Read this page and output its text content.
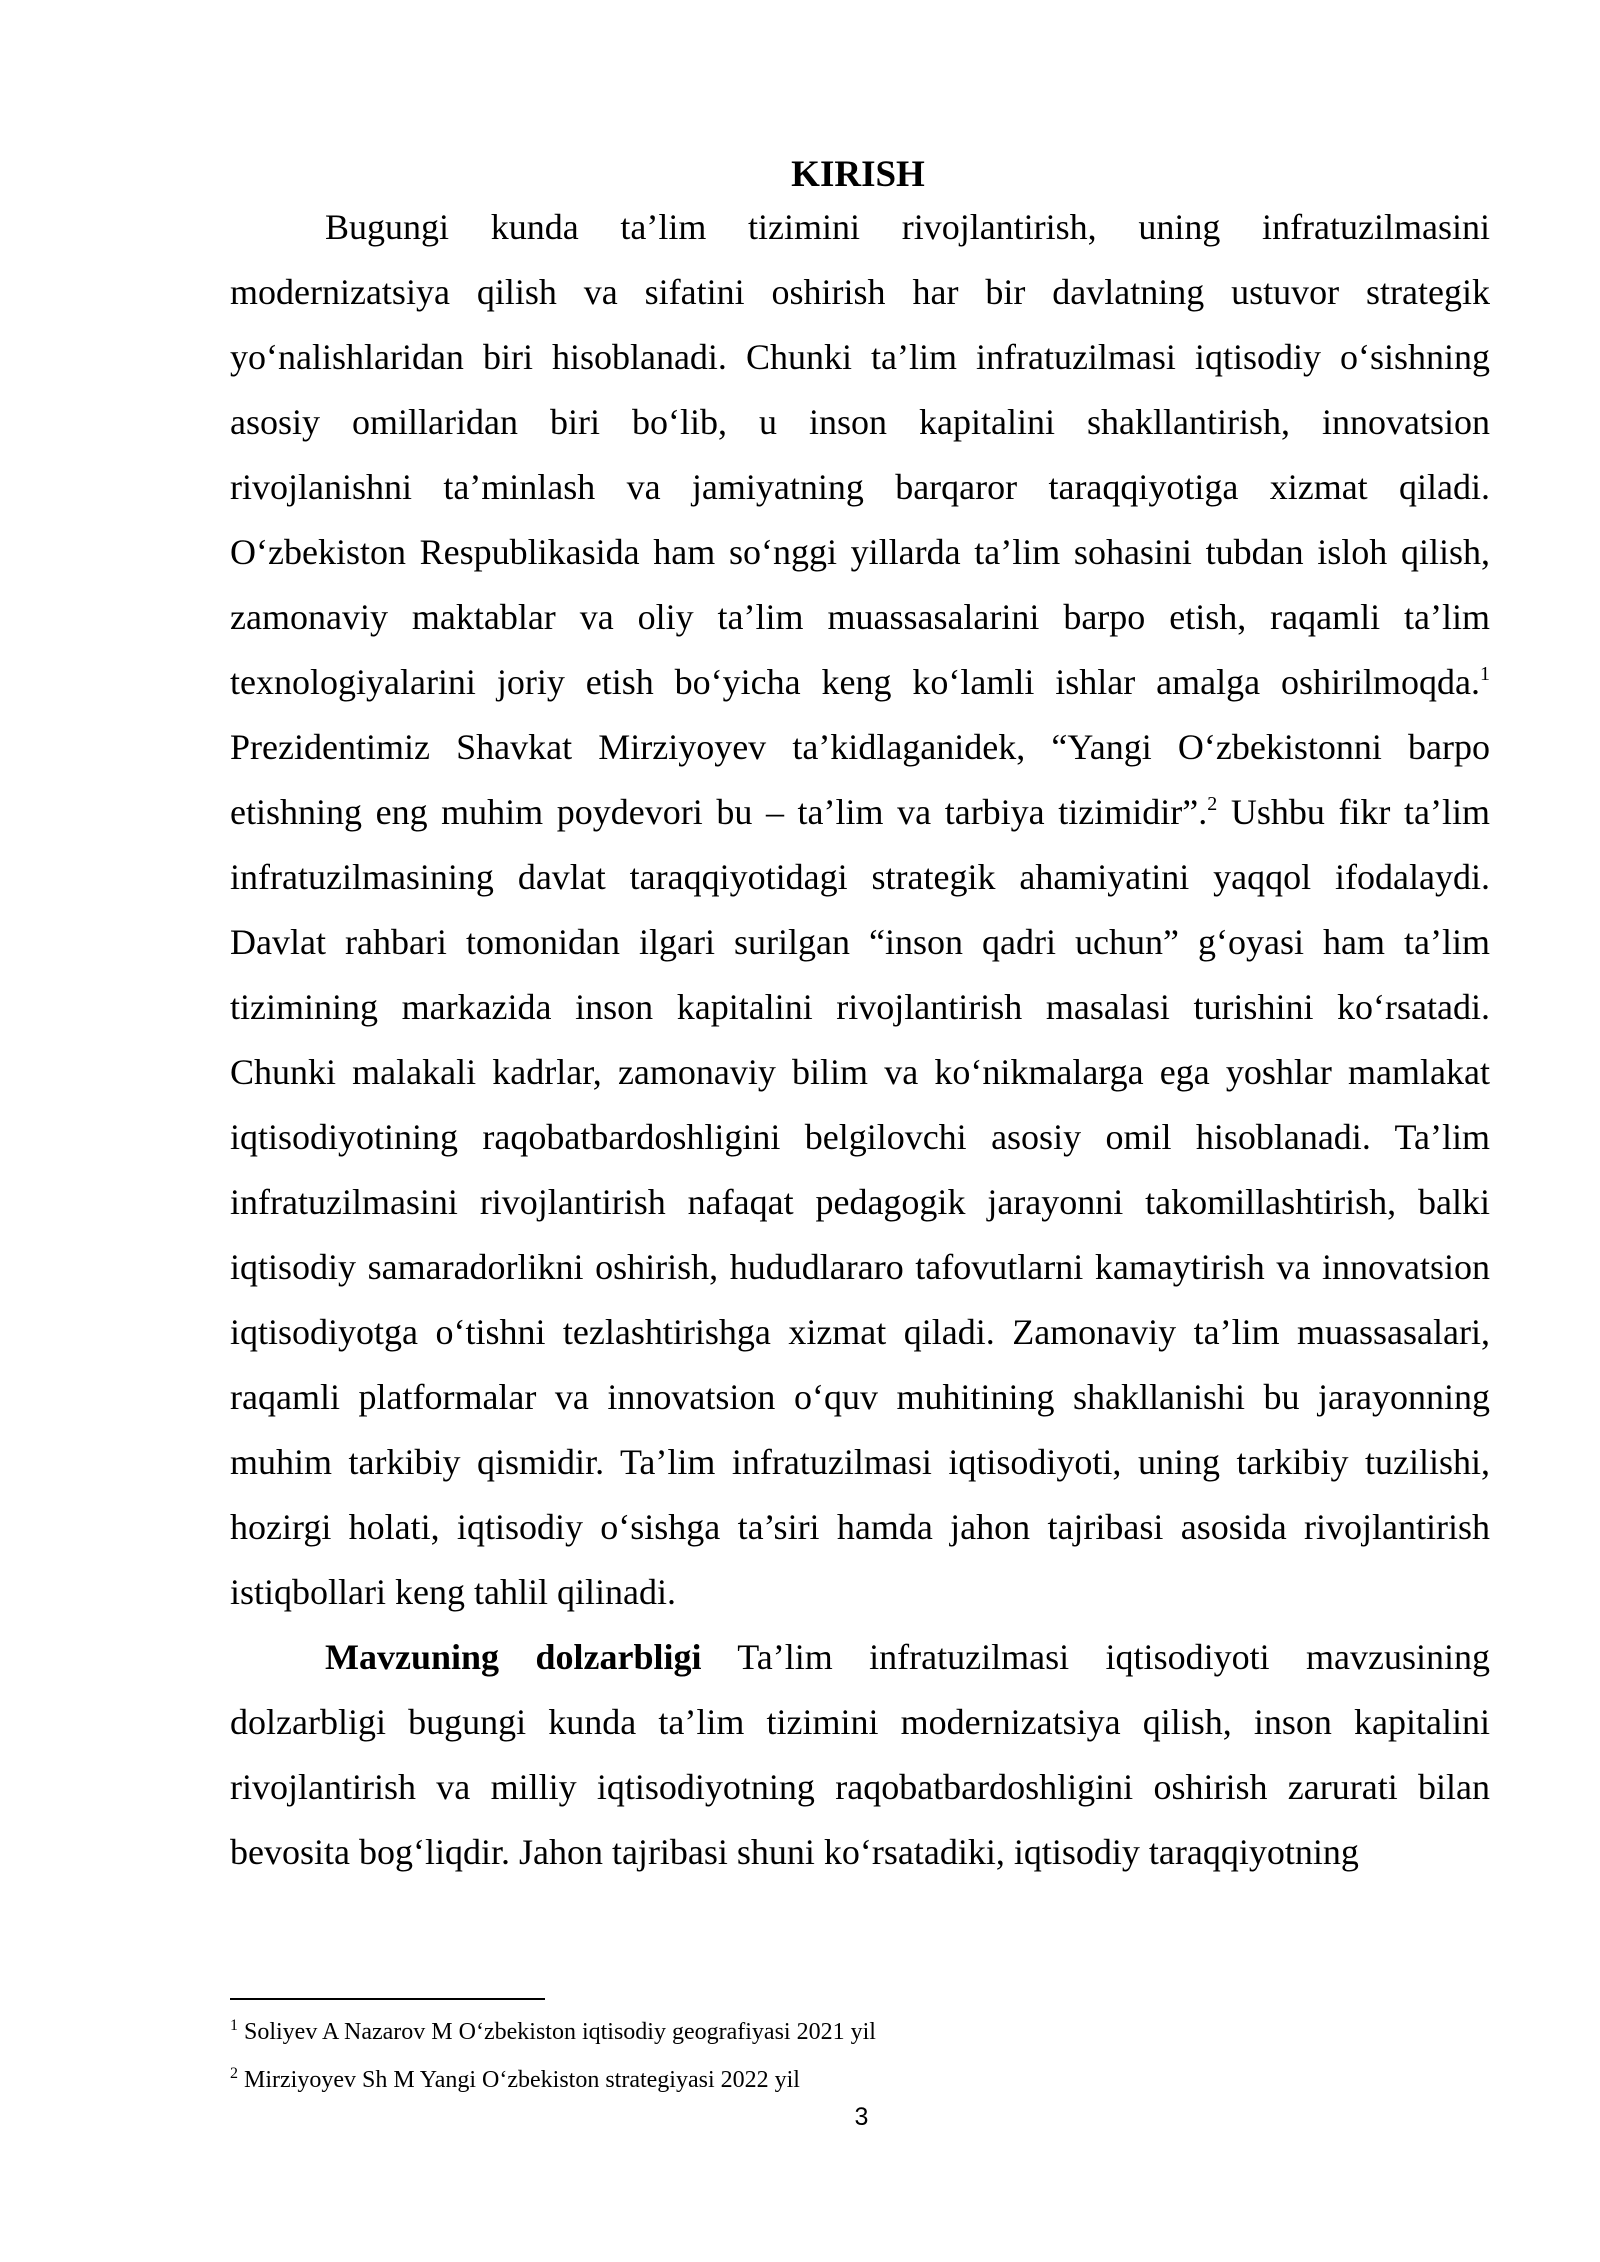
KIRISH

Bugungi kunda ta’lim tizimini rivojlantirish, uning infratuzilmasini modernizatsiya qilish va sifatini oshirish har bir davlatning ustuvor strategik yo‘nalishlaridan biri hisoblanadi. Chunki ta’lim infratuzilmasi iqtisodiy o‘sishning asosiy omillaridan biri bo‘lib, u inson kapitalini shakllantirish, innovatsion rivojlanishni ta’minlash va jamiyatning barqaror taraqqiyotiga xizmat qiladi. O‘zbekiston Respublikasida ham so‘nggi yillarda ta’lim sohasini tubdan isloh qilish, zamonaviy maktablar va oliy ta’lim muassasalarini barpo etish, raqamli ta’lim texnologiyalarini joriy etish bo‘yicha keng ko‘lamli ishlar amalga oshirilmoqda.$^1$ Prezidentimiz Shavkat Mirziyoyev ta’kidlaganidek, “Yangi O‘zbekistonni barpo etishning eng muhim poydevori bu – ta’lim va tarbiya tizimidir”.$^2$ Ushbu fikr ta’lim infratuzilmasining davlat taraqqiyotidagi strategik ahamiyatini yaqqol ifodalaydi. Davlat rahbari tomonidan ilgari surilgan “inson qadri uchun” g‘oyasi ham ta’lim tizimining markazida inson kapitalini rivojlantirish masalasi turishini ko‘rsatadi. Chunki malakali kadrlar, zamonaviy bilim va ko‘nikmalarga ega yoshlar mamlakat iqtisodiyotining raqobatbardoshligini belgilovchi asosiy omil hisoblanadi. Ta’lim infratuzilmasini rivojlantirish nafaqat pedagogik jarayonni takomillashtirish, balki iqtisodiy samaradorlikni oshirish, hududlararo tafovutlarni kamaytirish va innovatsion iqtisodiyotga o‘tishni tezlashtirishga xizmat qiladi. Zamonaviy ta’lim muassasalari, raqamli platformalar va innovatsion o‘quv muhitining shakllanishi bu jarayonning muhim tarkibiy qismidir. Ta’lim infratuzilmasi iqtisodiyoti, uning tarkibiy tuzilishi, hozirgi holati, iqtisodiy o‘sishga ta’siri hamda jahon tajribasi asosida rivojlantirish istiqbollari keng tahlil qilinadi.

Mavzuning dolzarbligi Ta’lim infratuzilmasi iqtisodiyoti mavzusining dolzarbligi bugungi kunda ta’lim tizimini modernizatsiya qilish, inson kapitalini rivojlantirish va milliy iqtisodiyotning raqobatbardoshligini oshirish zarurati bilan bevosita bog‘liqdir. Jahon tajribasi shuni ko‘rsatadiki, iqtisodiy taraqqiyotning

$^1$ Soliyev A Nazarov M O‘zbekiston iqtisodiy geografiyasi 2021 yil
$^2$ Mirziyoyev Sh M Yangi O‘zbekiston strategiyasi 2022 yil
3
